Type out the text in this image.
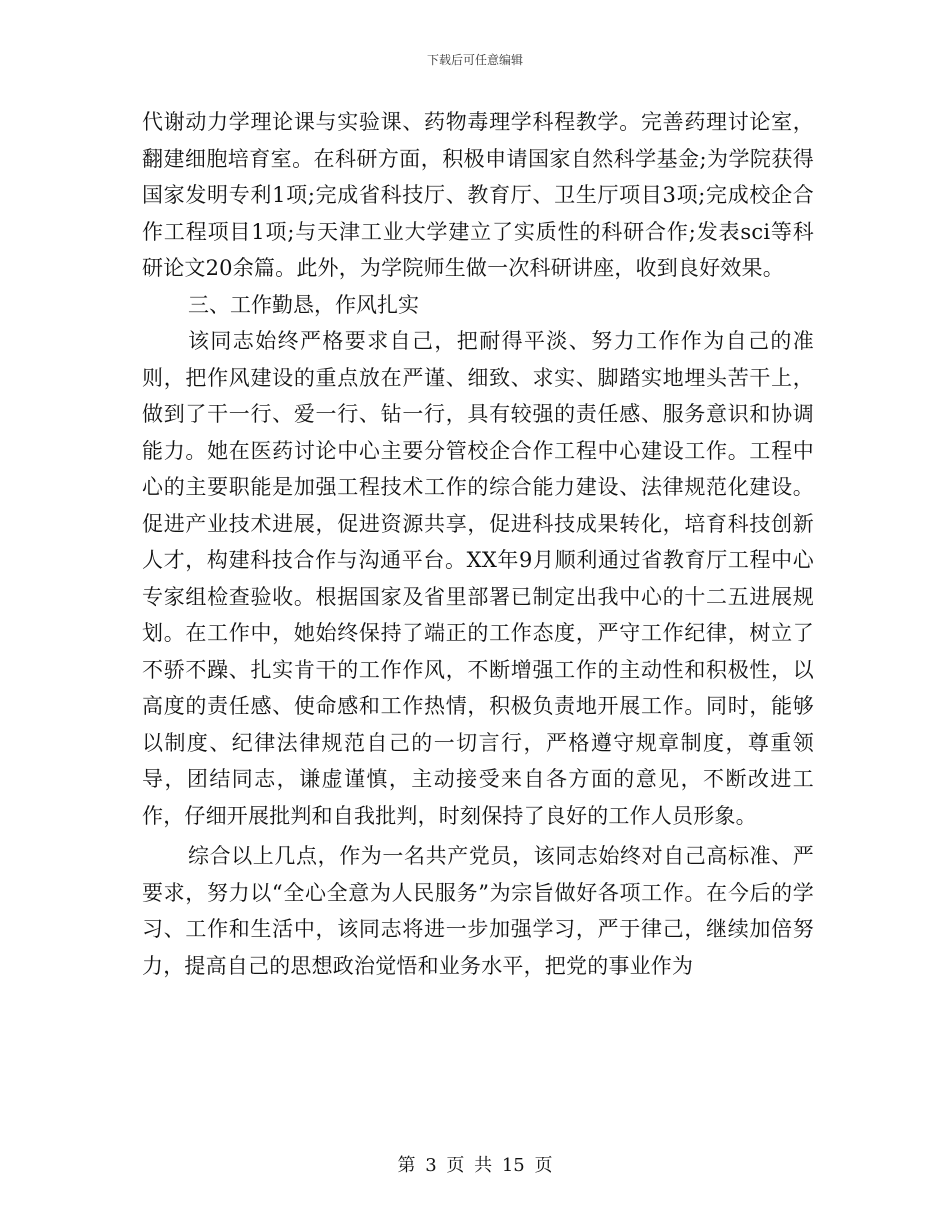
下载后可任意编辑

代谢动力学理论课与实验课、药物毒理学科程教学。完善药理讨论室，翻建细胞培育室。在科研方面，积极申请国家自然科学基金;为学院获得国家发明专利1项;完成省科技厅、教育厅、卫生厅项目3项;完成校企合作工程项目1项;与天津工业大学建立了实质性的科研合作;发表sci等科研论文20余篇。此外，为学院师生做一次科研讲座，收到良好效果。

三、工作勤恳，作风扎实

该同志始终严格要求自己，把耐得平淡、努力工作作为自己的准则，把作风建设的重点放在严谨、细致、求实、脚踏实地埋头苦干上，做到了干一行、爱一行、钻一行，具有较强的责任感、服务意识和协调能力。她在医药讨论中心主要分管校企合作工程中心建设工作。工程中心的主要职能是加强工程技术工作的综合能力建设、法律规范化建设。促进产业技术进展，促进资源共享，促进科技成果转化，培育科技创新人才，构建科技合作与沟通平台。XX年9月顺利通过省教育厅工程中心专家组检查验收。根据国家及省里部署已制定出我中心的十二五进展规划。在工作中，她始终保持了端正的工作态度，严守工作纪律，树立了不骄不躁、扎实肯干的工作作风，不断增强工作的主动性和积极性，以高度的责任感、使命感和工作热情，积极负责地开展工作。同时，能够以制度、纪律法律规范自己的一切言行，严格遵守规章制度，尊重领导，团结同志，谦虚谨慎，主动接受来自各方面的意见，不断改进工作，仔细开展批判和自我批判，时刻保持了良好的工作人员形象。

综合以上几点，作为一名共产党员，该同志始终对自己高标准、严要求，努力以“全心全意为人民服务”为宗旨做好各项工作。在今后的学习、工作和生活中，该同志将进一步加强学习，严于律己，继续加倍努力，提高自己的思想政治觉悟和业务水平，把党的事业作为

第 3 页 共 15 页
